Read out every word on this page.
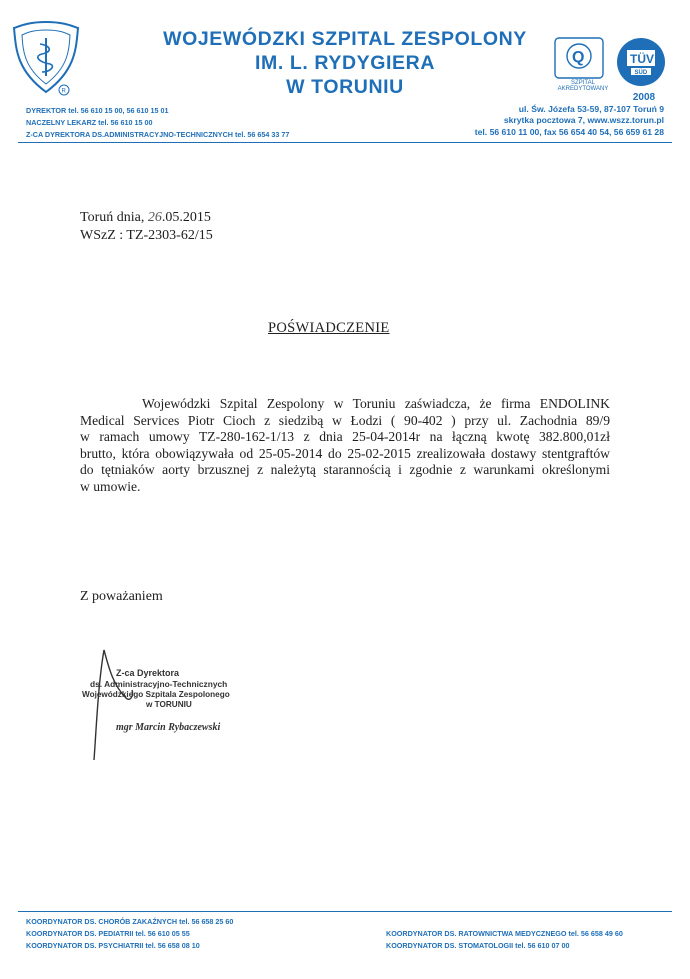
R
WOJEWÓDZKI SZPITAL ZESPOLONY
IM. L. RYDYGIERA
W TORUNIU
Q
SZPITAL AKREDYTOWANY
TÜV
SÜD
2008
DYREKTOR tel. 56 610 15 00, 56 610 15 01
NACZELNY LEKARZ tel. 56 610 15 00
Z-CA DYREKTORA DS.ADMINISTRACYJNO-TECHNICZNYCH tel. 56 654 33 77
ul. Św. Józefa 53-59, 87-107 Toruń 9
skrytka pocztowa 7, www.wszz.torun.pl
tel. 56 610 11 00, fax 56 654 40 54, 56 659 61 28
Toruń dnia, 26.05.2015
WSzZ : TZ-2303-62/15
POŚWIADCZENIE
Wojewódzki Szpital Zespolony w Toruniu zaświadcza, że firma ENDOLINK
Medical Services Piotr Cioch z siedzibą w Łodzi ( 90-402 ) przy ul. Zachodnia 89/9
w ramach umowy TZ-280-162-1/13 z dnia 25-04-2014r na łączną kwotę 382.800,01zł
brutto, która obowiązywała od 25-05-2014 do 25-02-2015 zrealizowała dostawy stentgraftów
do tętniaków aorty brzusznej z należytą starannością i zgodnie z warunkami określonymi
w umowie.
Z poważaniem
Z-ca Dyrektora
ds. Administracyjno-Technicznych
Wojewódzkiego Szpitala Zespolonego
w TORUNIU
mgr Marcin Rybaczewski
KOORDYNATOR DS. CHORÓB ZAKAŹNYCH tel. 56 658 25 60
KOORDYNATOR DS. PEDIATRII tel. 56 610 05 55
KOORDYNATOR DS. PSYCHIATRII tel. 56 658 08 10
KOORDYNATOR DS. RATOWNICTWA MEDYCZNEGO tel. 56 658 49 60
KOORDYNATOR DS. STOMATOLOGII tel. 56 610 07 00
